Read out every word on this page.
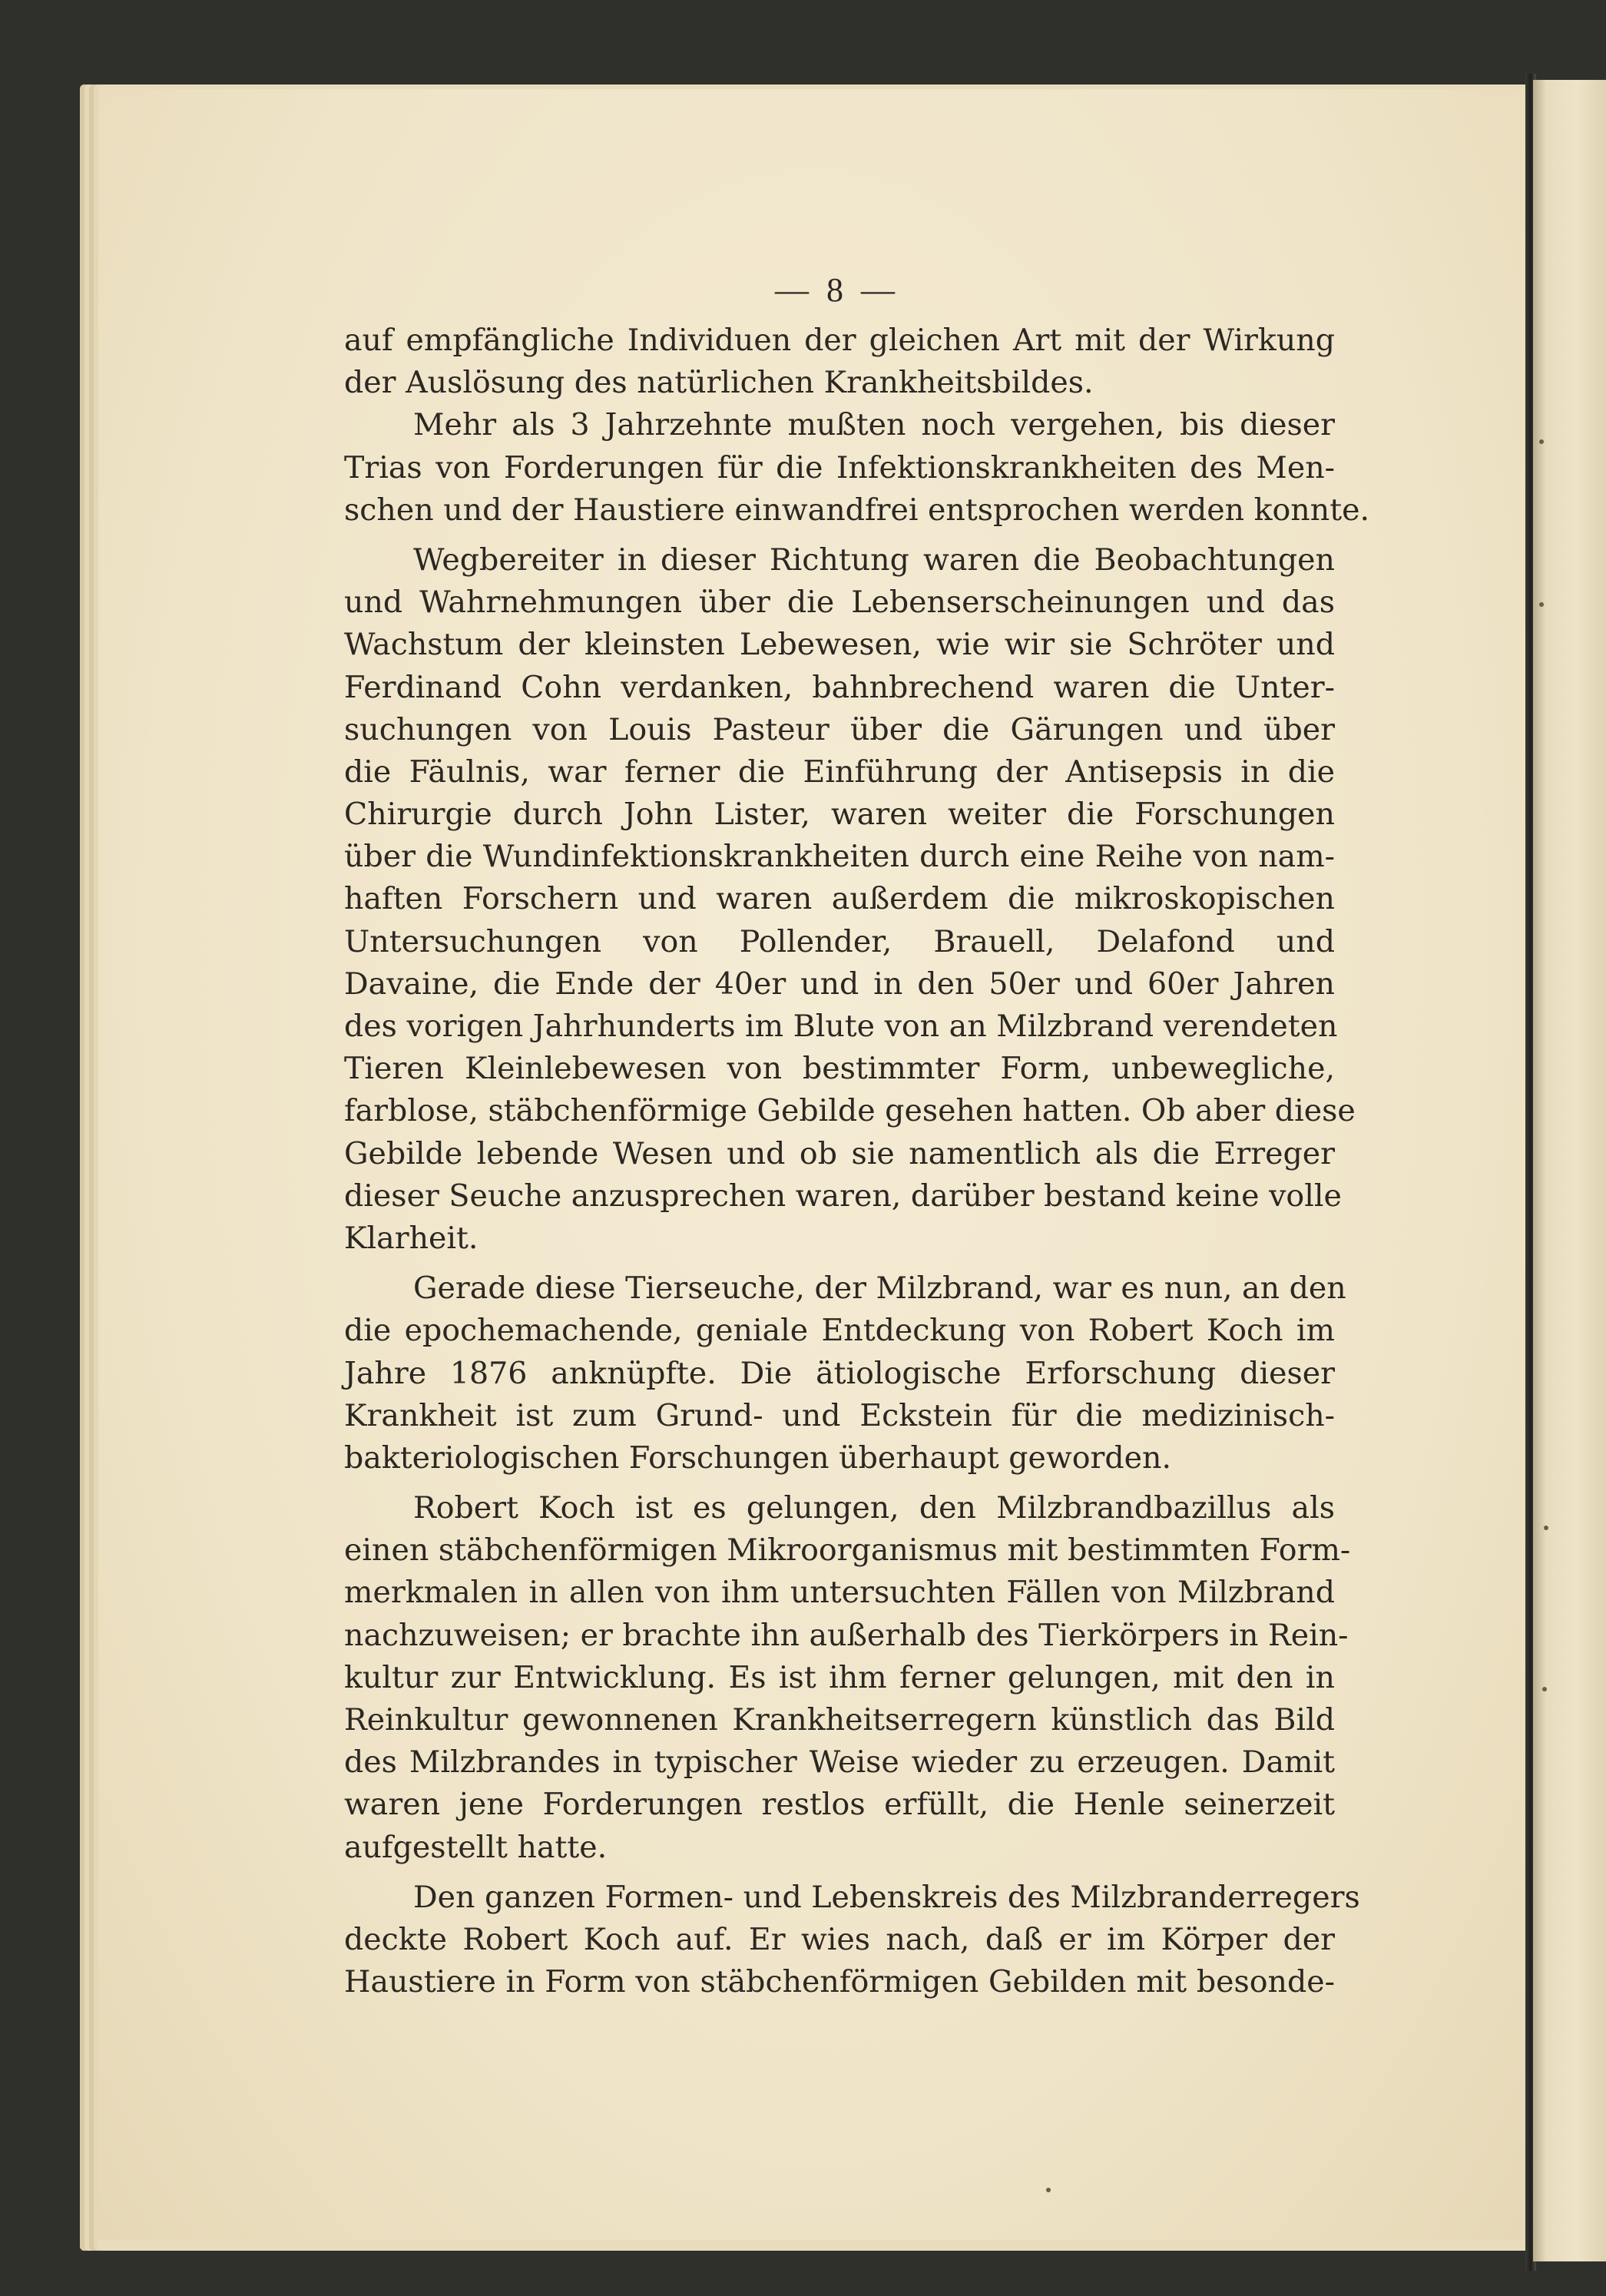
— 8 —
auf empfängliche Individuen der gleichen Art mit der Wirkung
der Auslösung des natürlichen Krankheitsbildes.
Mehr als 3 Jahrzehnte mußten noch vergehen, bis dieser
Trias von Forderungen für die Infektionskrankheiten des Men-
schen und der Haustiere einwandfrei entsprochen werden konnte.
Wegbereiter in dieser Richtung waren die Beobachtungen
und Wahrnehmungen über die Lebenserscheinungen und das
Wachstum der kleinsten Lebewesen, wie wir sie Schröter und
Ferdinand Cohn verdanken, bahnbrechend waren die Unter-
suchungen von Louis Pasteur über die Gärungen und über
die Fäulnis, war ferner die Einführung der Antisepsis in die
Chirurgie durch John Lister, waren weiter die Forschungen
über die Wundinfektionskrankheiten durch eine Reihe von nam-
haften Forschern und waren außerdem die mikroskopischen
Untersuchungen von Pollender, Brauell, Delafond und
Davaine, die Ende der 40er und in den 50er und 60er Jahren
des vorigen Jahrhunderts im Blute von an Milzbrand verendeten
Tieren Kleinlebewesen von bestimmter Form, unbewegliche,
farblose, stäbchenförmige Gebilde gesehen hatten. Ob aber diese
Gebilde lebende Wesen und ob sie namentlich als die Erreger
dieser Seuche anzusprechen waren, darüber bestand keine volle
Klarheit.
Gerade diese Tierseuche, der Milzbrand, war es nun, an den
die epochemachende, geniale Entdeckung von Robert Koch im
Jahre 1876 anknüpfte. Die ätiologische Erforschung dieser
Krankheit ist zum Grund- und Eckstein für die medizinisch-
bakteriologischen Forschungen überhaupt geworden.
Robert Koch ist es gelungen, den Milzbrandbazillus als
einen stäbchenförmigen Mikroorganismus mit bestimmten Form-
merkmalen in allen von ihm untersuchten Fällen von Milzbrand
nachzuweisen; er brachte ihn außerhalb des Tierkörpers in Rein-
kultur zur Entwicklung. Es ist ihm ferner gelungen, mit den in
Reinkultur gewonnenen Krankheitserregern künstlich das Bild
des Milzbrandes in typischer Weise wieder zu erzeugen. Damit
waren jene Forderungen restlos erfüllt, die Henle seinerzeit
aufgestellt hatte.
Den ganzen Formen- und Lebenskreis des Milzbranderregers
deckte Robert Koch auf. Er wies nach, daß er im Körper der
Haustiere in Form von stäbchenförmigen Gebilden mit besonde-
